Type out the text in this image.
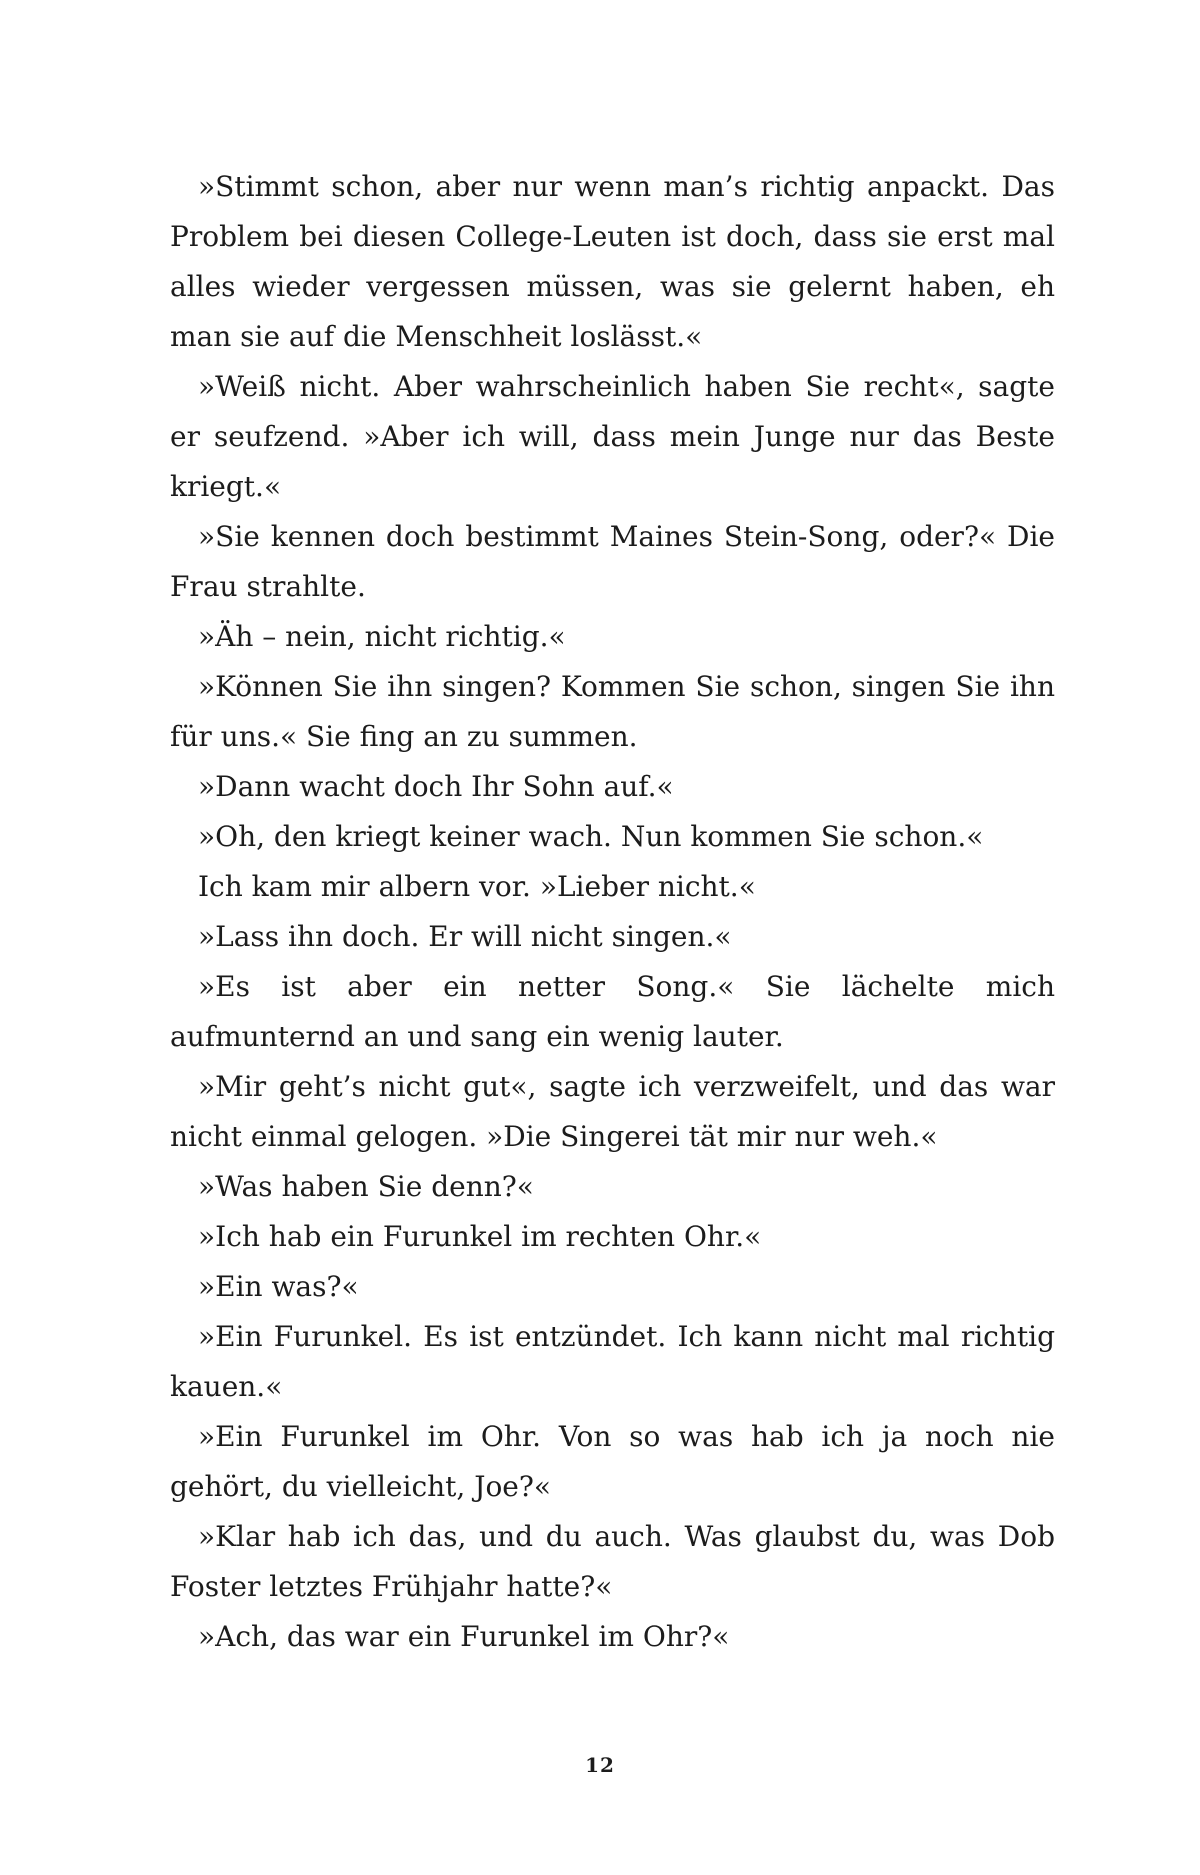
»Stimmt schon, aber nur wenn man’s richtig anpackt. Das Problem bei diesen College-Leuten ist doch, dass sie erst mal alles wieder vergessen müssen, was sie gelernt haben, eh man sie auf die Menschheit loslässt.«

»Weiß nicht. Aber wahrscheinlich haben Sie recht«, sagte er seufzend. »Aber ich will, dass mein Junge nur das Beste kriegt.«

»Sie kennen doch bestimmt Maines Stein-Song, oder?« Die Frau strahlte.

»Äh – nein, nicht richtig.«

»Können Sie ihn singen? Kommen Sie schon, singen Sie ihn für uns.« Sie fing an zu summen.

»Dann wacht doch Ihr Sohn auf.«

»Oh, den kriegt keiner wach. Nun kommen Sie schon.«

Ich kam mir albern vor. »Lieber nicht.«

»Lass ihn doch. Er will nicht singen.«

»Es ist aber ein netter Song.« Sie lächelte mich aufmunternd an und sang ein wenig lauter.

»Mir geht’s nicht gut«, sagte ich verzweifelt, und das war nicht einmal gelogen. »Die Singerei tät mir nur weh.«

»Was haben Sie denn?«

»Ich hab ein Furunkel im rechten Ohr.«

»Ein was?«

»Ein Furunkel. Es ist entzündet. Ich kann nicht mal richtig kauen.«

»Ein Furunkel im Ohr. Von so was hab ich ja noch nie gehört, du vielleicht, Joe?«

»Klar hab ich das, und du auch. Was glaubst du, was Dob Foster letztes Frühjahr hatte?«

»Ach, das war ein Furunkel im Ohr?«

12
